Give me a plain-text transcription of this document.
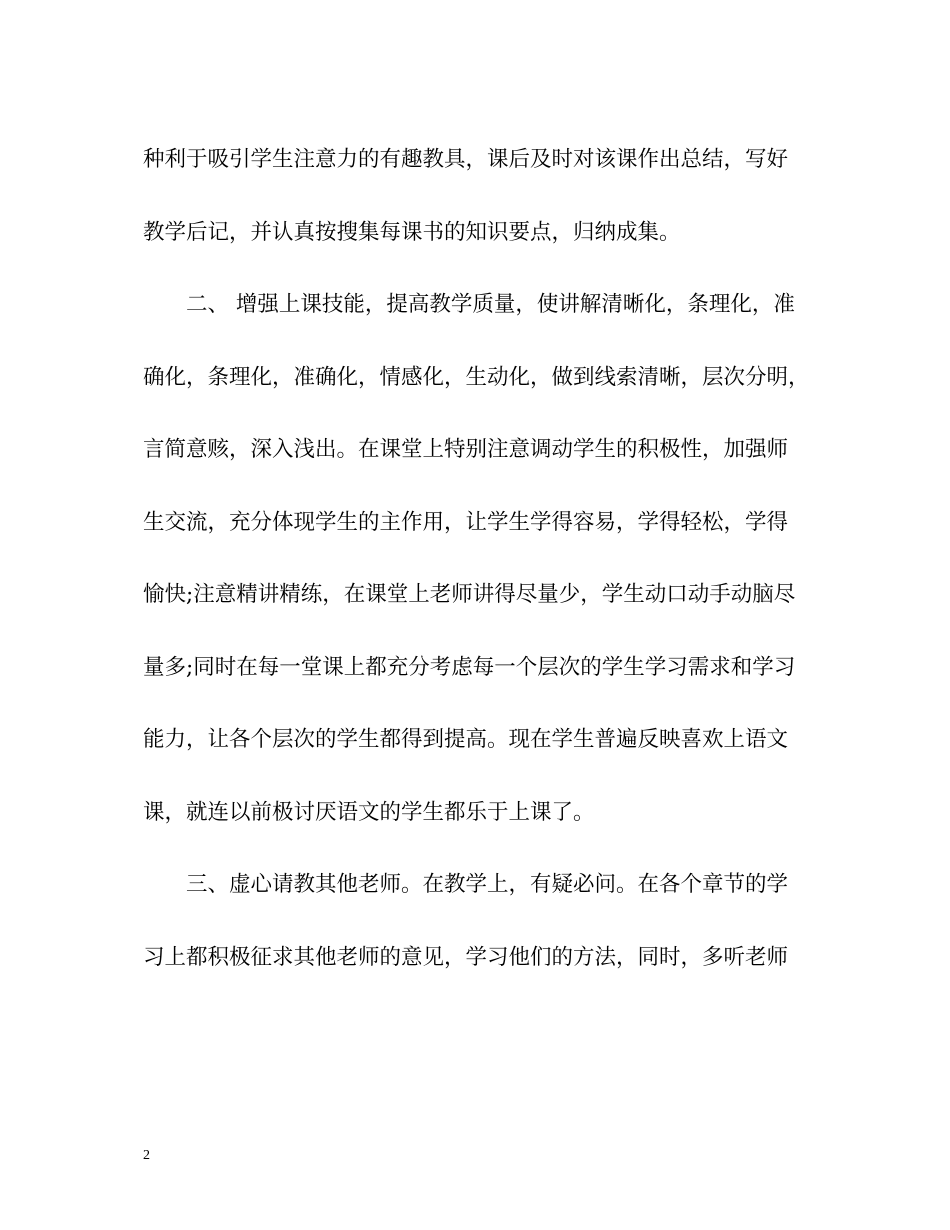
种利于吸引学生注意力的有趣教具，课后及时对该课作出总结，写好
教学后记，并认真按搜集每课书的知识要点，归纳成集。
二、 增强上课技能，提高教学质量，使讲解清晰化，条理化，准
确化，条理化，准确化，情感化，生动化，做到线索清晰，层次分明，
言简意赅，深入浅出。在课堂上特别注意调动学生的积极性，加强师
生交流，充分体现学生的主作用，让学生学得容易，学得轻松，学得
愉快;注意精讲精练，在课堂上老师讲得尽量少，学生动口动手动脑尽
量多;同时在每一堂课上都充分考虑每一个层次的学生学习需求和学习
能力，让各个层次的学生都得到提高。现在学生普遍反映喜欢上语文
课，就连以前极讨厌语文的学生都乐于上课了。
三、虚心请教其他老师。在教学上，有疑必问。在各个章节的学
习上都积极征求其他老师的意见，学习他们的方法，同时，多听老师
2
